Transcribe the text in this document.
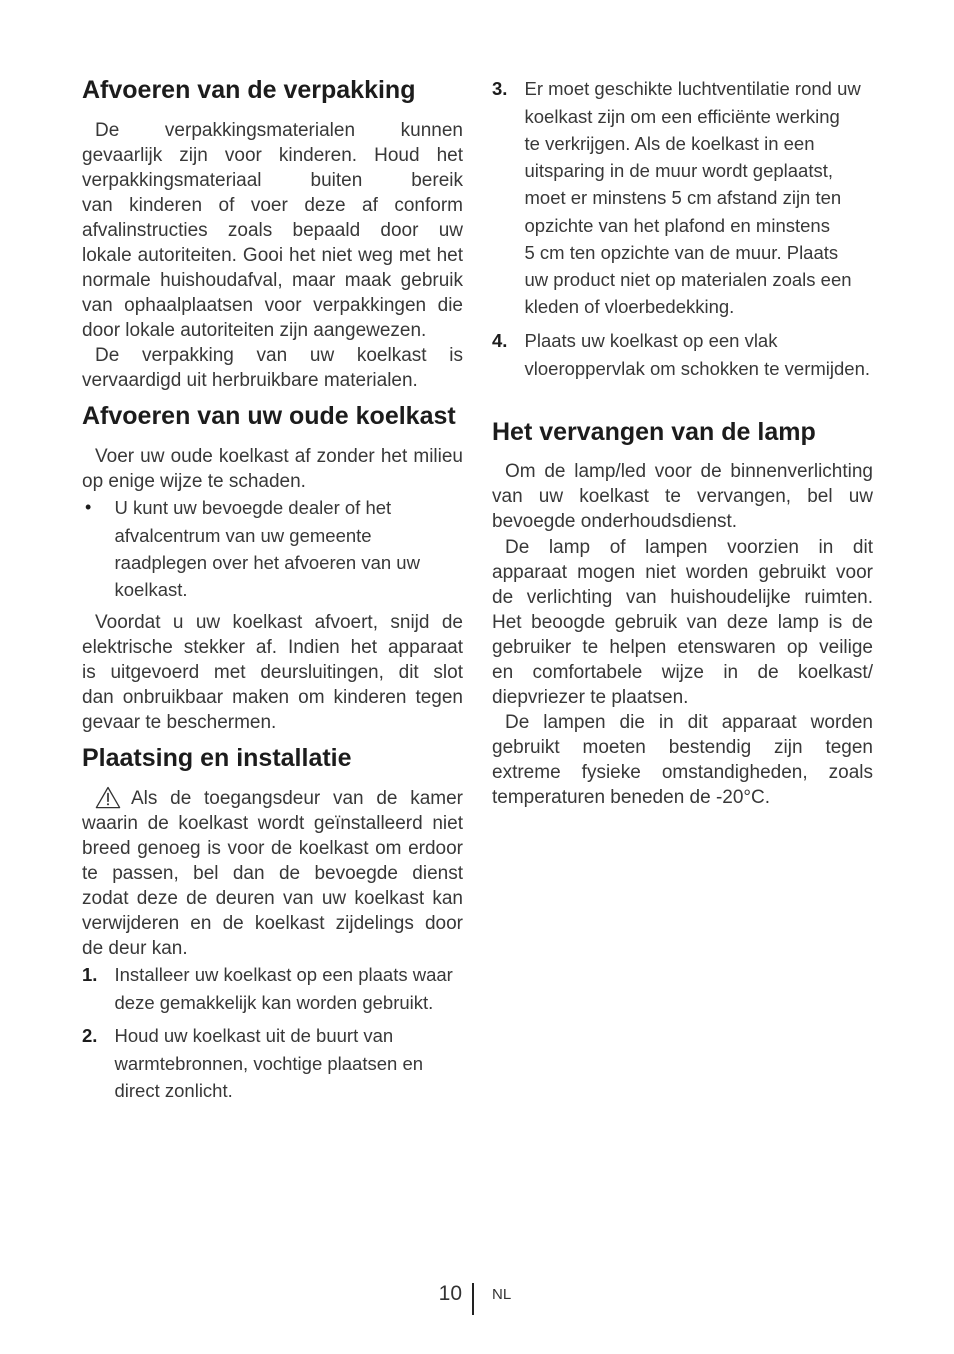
Afvoeren van de verpakking
De verpakkingsmaterialen kunnen
gevaarlijk zijn voor kinderen. Houd het
verpakkingsmateriaal buiten bereik
van kinderen of voer deze af conform
afvalinstructies zoals bepaald door uw
lokale autoriteiten. Gooi het niet weg met het
normale huishoudafval, maar maak gebruik
van ophaalplaatsen voor verpakkingen die
door lokale autoriteiten zijn aangewezen.
De verpakking van uw koelkast is
vervaardigd uit herbruikbare materialen.
Afvoeren van uw oude koelkast
Voer uw oude koelkast af zonder het milieu
op enige wijze te schaden.
• U kunt uw bevoegde dealer of het
afvalcentrum van uw gemeente
raadplegen over het afvoeren van uw
koelkast.
Voordat u uw koelkast afvoert, snijd de
elektrische stekker af. Indien het apparaat
is uitgevoerd met deursluitingen, dit slot
dan onbruikbaar maken om kinderen tegen
gevaar te beschermen.
Plaatsing en installatie
Als de toegangsdeur van de kamer
waarin de koelkast wordt geïnstalleerd niet
breed genoeg is voor de koelkast om erdoor
te passen, bel dan de bevoegde dienst
zodat deze de deuren van uw koelkast kan
verwijderen en de koelkast zijdelings door
de deur kan.
1. Installeer uw koelkast op een plaats waar
deze gemakkelijk kan worden gebruikt.
2. Houd uw koelkast uit de buurt van
warmtebronnen, vochtige plaatsen en
direct zonlicht.
3. Er moet geschikte luchtventilatie rond uw
koelkast zijn om een efficiënte werking
te verkrijgen. Als de koelkast in een
uitsparing in de muur wordt geplaatst,
moet er minstens 5 cm afstand zijn ten
opzichte van het plafond en minstens
5 cm ten opzichte van de muur. Plaats
uw product niet op materialen zoals een
kleden of vloerbedekking.
4. Plaats uw koelkast op een vlak
vloeroppervlak om schokken te vermijden.
Het vervangen van de lamp
Om de lamp/led voor de binnenverlichting
van uw koelkast te vervangen, bel uw
bevoegde onderhoudsdienst.
De lamp of lampen voorzien in dit
apparaat mogen niet worden gebruikt voor
de verlichting van huishoudelijke ruimten.
Het beoogde gebruik van deze lamp is de
gebruiker te helpen etenswaren op veilige
en comfortabele wijze in de koelkast/
diepvriezer te plaatsen.
De lampen die in dit apparaat worden
gebruikt moeten bestendig zijn tegen
extreme fysieke omstandigheden, zoals
temperaturen beneden de -20°C.
10 NL
